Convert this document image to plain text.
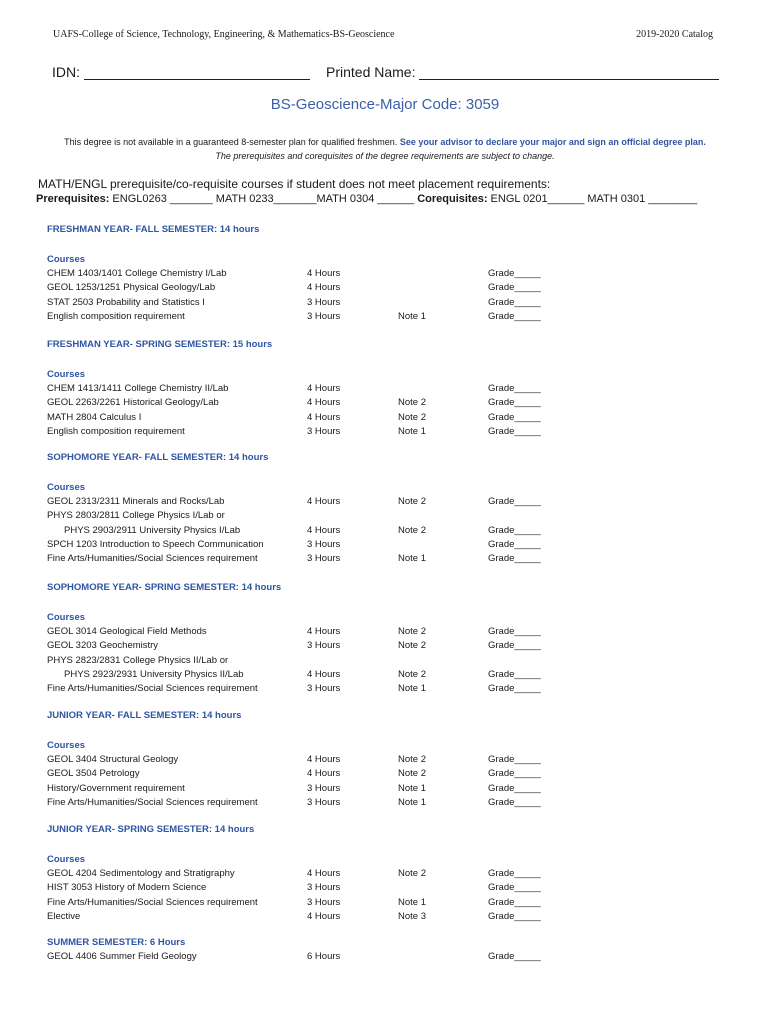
UAFS-College of Science, Technology, Engineering, & Mathematics-BS-Geoscience	2019-2020 Catalog
IDN:	Printed Name:
BS-Geoscience-Major Code: 3059
This degree is not available in a guaranteed 8-semester plan for qualified freshmen. See your advisor to declare your major and sign an official degree plan.
The prerequisites and corequisites of the degree requirements are subject to change.
MATH/ENGL prerequisite/co-requisite courses if student does not meet placement requirements:
Prerequisites: ENGL0263 _______ MATH 0233_______MATH 0304 ______ Corequisites: ENGL 0201______ MATH 0301 ________
FRESHMAN YEAR- FALL SEMESTER: 14 hours
Courses
CHEM 1403/1401 College Chemistry I/Lab	4 Hours	Grade_____
GEOL 1253/1251 Physical Geology/Lab	4 Hours	Grade_____
STAT 2503 Probability and Statistics I	3 Hours	Grade_____
English composition requirement	3 Hours	Note 1	Grade_____
FRESHMAN YEAR- SPRING SEMESTER: 15 hours
Courses
CHEM 1413/1411 College Chemistry II/Lab	4 Hours	Grade_____
GEOL 2263/2261 Historical Geology/Lab	4 Hours	Note 2	Grade_____
MATH 2804 Calculus I	4 Hours	Note 2	Grade_____
English composition requirement	3 Hours	Note 1	Grade_____
SOPHOMORE YEAR- FALL SEMESTER: 14 hours
Courses
GEOL 2313/2311 Minerals and Rocks/Lab	4 Hours	Note 2	Grade_____
PHYS 2803/2811 College Physics I/Lab or
PHYS 2903/2911 University Physics I/Lab	4 Hours	Note 2	Grade_____
SPCH 1203 Introduction to Speech Communication	3 Hours	Grade_____
Fine Arts/Humanities/Social Sciences requirement	3 Hours	Note 1	Grade_____
SOPHOMORE YEAR- SPRING SEMESTER: 14 hours
Courses
GEOL 3014 Geological Field Methods	4 Hours	Note 2	Grade_____
GEOL 3203 Geochemistry	3 Hours	Note 2	Grade_____
PHYS 2823/2831 College Physics II/Lab or
PHYS 2923/2931 University Physics II/Lab	4 Hours	Note 2	Grade_____
Fine Arts/Humanities/Social Sciences requirement	3 Hours	Note 1	Grade_____
JUNIOR YEAR- FALL SEMESTER: 14 hours
Courses
GEOL 3404 Structural Geology	4 Hours	Note 2	Grade_____
GEOL 3504 Petrology	4 Hours	Note 2	Grade_____
History/Government requirement	3 Hours	Note 1	Grade_____
Fine Arts/Humanities/Social Sciences requirement	3 Hours	Note 1	Grade_____
JUNIOR YEAR- SPRING SEMESTER: 14 hours
Courses
GEOL 4204 Sedimentology and Stratigraphy	4 Hours	Note 2	Grade_____
HIST 3053 History of Modern Science	3 Hours	Grade_____
Fine Arts/Humanities/Social Sciences requirement	3 Hours	Note 1	Grade_____
Elective	4 Hours	Note 3	Grade_____
SUMMER SEMESTER: 6 Hours
GEOL 4406 Summer Field Geology	6 Hours	Grade_____
